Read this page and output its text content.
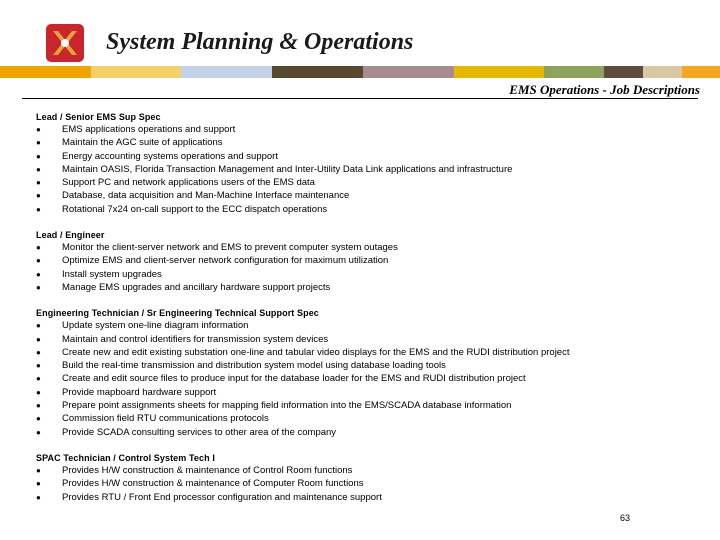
System Planning & Operations
EMS Operations - Job Descriptions
Lead / Senior EMS Sup Spec
●	EMS applications operations and support
●	Maintain the AGC suite of applications
●	Energy accounting systems operations and support
●	Maintain OASIS, Florida Transaction Management and Inter-Utility Data Link applications and infrastructure
●	Support PC and network applications users of the EMS data
●	Database, data acquisition and Man-Machine Interface maintenance
●	Rotational 7x24 on-call support to the ECC dispatch operations
Lead / Engineer
●	Monitor the client-server network and EMS to prevent computer system outages
●	Optimize EMS and client-server network configuration for maximum utilization
●	Install system upgrades
●	Manage EMS upgrades and ancillary hardware support projects
Engineering Technician / Sr Engineering Technical Support Spec
●	Update system one-line diagram information
●	Maintain and control identifiers for transmission system devices
●	Create new and edit existing substation one-line and tabular video displays for the EMS and the RUDI distribution project
●	Build the real-time transmission and distribution system model using database loading tools
●	Create and edit source files to produce input for the database loader for the EMS and RUDI distribution project
●	Provide mapboard hardware support
●	Prepare point assignments sheets for mapping field information into the EMS/SCADA database information
●	Commission field RTU communications protocols
●	Provide SCADA consulting services to other area of the company
SPAC Technician / Control System Tech I
●	Provides H/W construction & maintenance of Control Room functions
●	Provides H/W construction & maintenance of Computer Room functions
●	Provides RTU / Front End processor configuration and maintenance support
63
